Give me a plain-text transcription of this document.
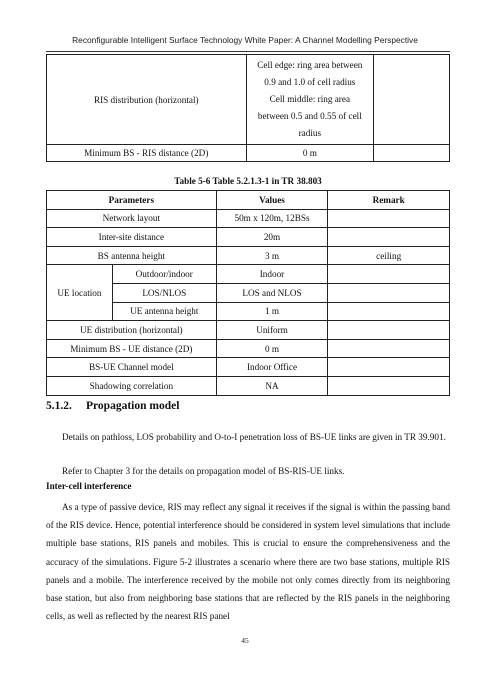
Reconfigurable Intelligent Surface Technology White Paper: A Channel Modelling Perspective
RIS distribution (horizontal)	Cell edge: ring area between
0.9 and 1.0 of cell radius
Cell middle: ring area
between 0.5 and 0.55 of cell
radius	
Minimum BS - RIS distance (2D)	0 m	
Table 5-6 Table 5.2.1.3-1 in TR 38.803
Parameters		Values	Remark
Network layout		50m x 120m, 12BSs	
Inter-site distance		20m	
BS antenna height		3 m	ceiling
UE location	Outdoor/indoor	Indoor	
	LOS/NLOS	LOS and NLOS	
	UE antenna height	1 m	
UE distribution (horizontal)		Uniform	
Minimum BS - UE distance (2D)		0 m	
BS-UE Channel model		Indoor Office	
Shadowing correlation		NA	
5.1.2. Propagation model

Details on pathloss, LOS probability and O-to-I penetration loss of BS-UE links are given in TR 39.901.

Refer to Chapter 3 for the details on propagation model of BS-RIS-UE links.

Inter-cell interference

As a type of passive device, RIS may reflect any signal it receives if the signal is within the passing band of the RIS device. Hence, potential interference should be considered in system level simulations that include multiple base stations, RIS panels and mobiles. This is crucial to ensure the comprehensiveness and the accuracy of the simulations. Figure 5-2 illustrates a scenario where there are two base stations, multiple RIS panels and a mobile. The interference received by the mobile not only comes directly from its neighboring base station, but also from neighboring base stations that are reflected by the RIS panels in the neighboring cells, as well as reflected by the nearest RIS panel

45
